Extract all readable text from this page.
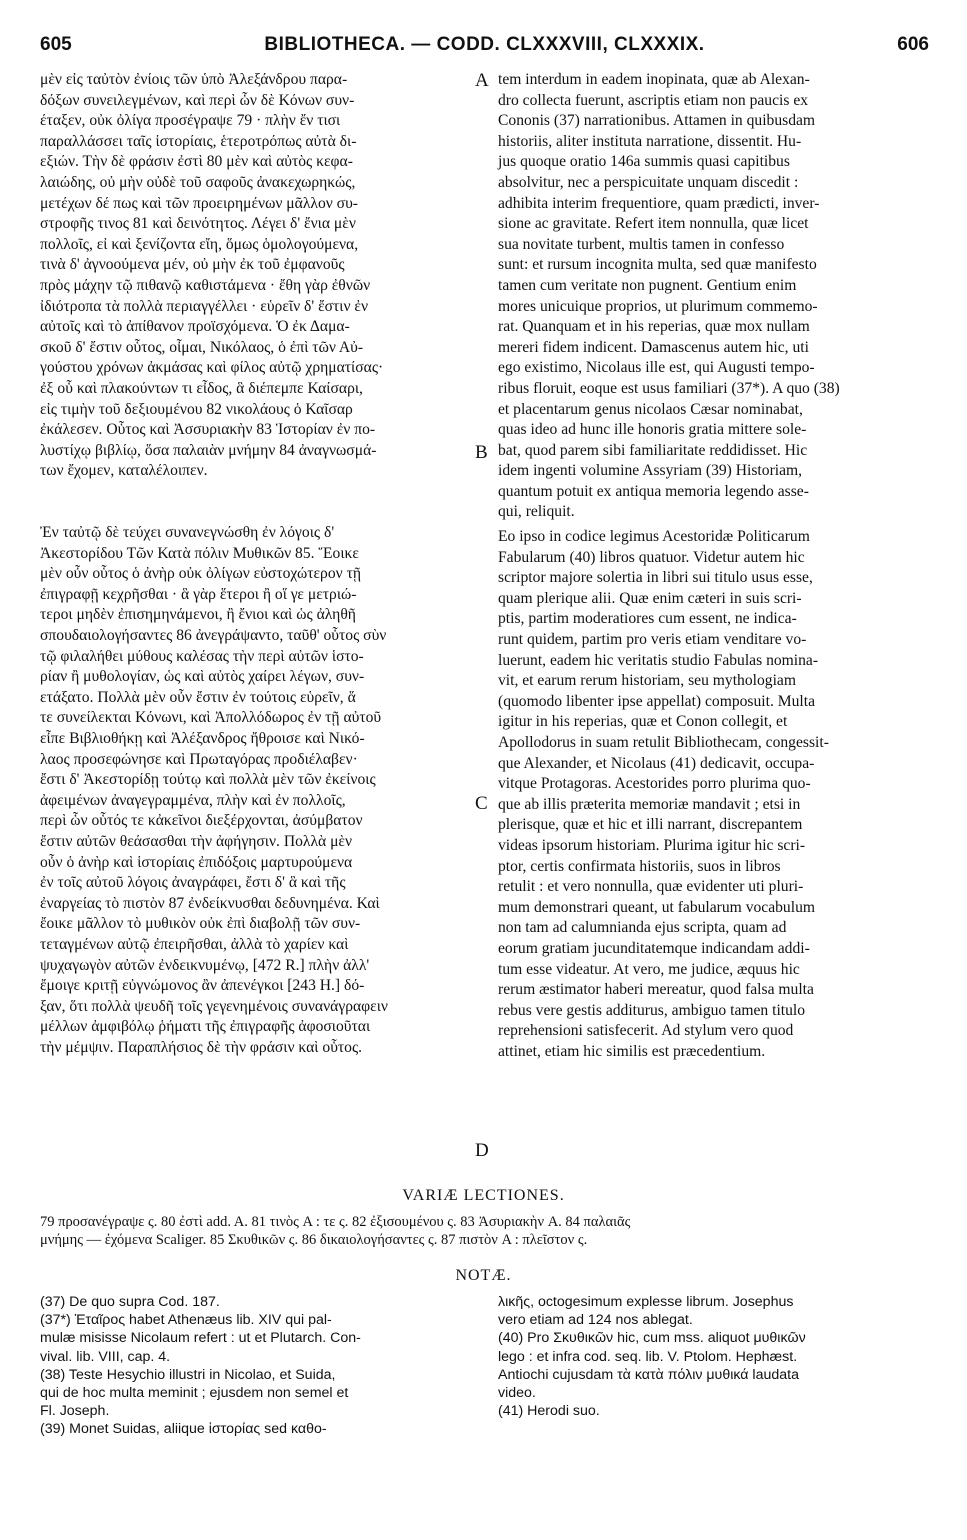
605	BIBLIOTHECA. — CODD. CLXXXVIII, CLXXXIX.	606
μὲν εἰς ταὐτὸν ἐνίοις τῶν ὑπὸ Ἀλεξάνδρου παρα-
δόξων συνειλεγμένων, καὶ περὶ ὧν δὲ Κόνων συν-
έταξεν, οὐκ ὀλίγα προσέγραψε 79 · πλὴν ἔν τισι
παραλλάσσει ταῖς ἱστορίαις, ἑτεροτρόπως αὐτὰ δι-
εξιών. Τὴν δὲ φράσιν ἐστὶ 80 μὲν καὶ αὐτὸς κεφα-
λαιώδης, οὐ μὴν οὐδὲ τοῦ σαφοῦς ἀνακεχωρηκώς,
μετέχων δέ πως καὶ τῶν προειρημένων μᾶλλον συ-
στροφῆς τινος 81 καὶ δεινότητος. Λέγει δ' ἔνια μὲν
πολλοῖς, εἰ καὶ ξενίζοντα εἴη, ὅμως ὁμολογούμενα,
τινὰ δ' ἀγνοούμενα μέν, οὐ μὴν ἐκ τοῦ ἐμφανοῦς
πρὸς μάχην τῷ πιθανῷ καθιστάμενα · ἔθη γὰρ ἐθνῶν
ἰδιότροπα τὰ πολλὰ περιαγγέλλει · εὑρεῖν δ' ἔστιν ἐν
αὐτοῖς καὶ τὸ ἀπίθανον προϊσχόμενα. Ὁ ἐκ Δαμα-
σκοῦ δ' ἔστιν οὗτος, οἶμαι, Νικόλαος, ὁ ἐπὶ τῶν Αὐ-
γούστου χρόνων ἀκμάσας καὶ φίλος αὐτῷ χρηματίσας·
ἐξ οὗ καὶ πλακούντων τι εἶδος, ἃ διέπεμπε Καίσαρι,
εἰς τιμὴν τοῦ δεξιουμένου 82 νικολάους ὁ Καῖσαρ
ἐκάλεσεν. Οὗτος καὶ Ἀσσυριακὴν 83 Ἱστορίαν ἐν πο-
λυστίχῳ βιβλίῳ, ὅσα παλαιὰν μνήμην 84 ἀναγνωσμά-
των ἔχομεν, καταλέλοιπεν.
Ἐν ταὐτῷ δὲ τεύχει συνανεγνώσθη ἐν λόγοις δ'
Ἀκεστορίδου Τῶν Κατὰ πόλιν Μυθικῶν 85. Ἔοικε
μὲν οὖν οὗτος ὁ ἀνὴρ οὐκ ὀλίγων εὐστοχώτερον τῇ
ἐπιγραφῇ κεχρῆσθαι · ἃ γὰρ ἕτεροι ἢ οἵ γε μετριώ-
τεροι μηδὲν ἐπισημηνάμενοι, ἢ ἔνιοι καὶ ὡς ἀληθῆ
σπουδαιολογήσαντες 86 ἀνεγράψαντο, ταῦθ' οὗτος σὺν
τῷ φιλαλήθει μύθους καλέσας τὴν περὶ αὐτῶν ἱστο-
ρίαν ἢ μυθολογίαν, ὡς καὶ αὐτὸς χαίρει λέγων, συν-
ετάξατο. Πολλὰ μὲν οὖν ἔστιν ἐν τούτοις εὑρεῖν, ἅ
τε συνείλεκται Κόνωνι, καὶ Ἀπολλόδωρος ἐν τῇ αὐτοῦ
εἶπε Βιβλιοθήκῃ καὶ Ἀλέξανδρος ἤθροισε καὶ Νικό-
λαος προσεφώνησε καὶ Πρωταγόρας προδιέλαβεν·
ἔστι δ' Ἀκεστορίδῃ τούτῳ καὶ πολλὰ μὲν τῶν ἐκείνοις
ἀφειμένων ἀναγεγραμμένα, πλὴν καὶ ἐν πολλοῖς,
περὶ ὧν οὗτός τε κἀκεῖνοι διεξέρχονται, ἀσύμβατον
ἔστιν αὐτῶν θεάσασθαι τὴν ἀφήγησιν. Πολλὰ μὲν
οὖν ὁ ἀνὴρ καὶ ἱστορίαις ἐπιδόξοις μαρτυρούμενα
ἐν τοῖς αὐτοῦ λόγοις ἀναγράφει, ἔστι δ' ἃ καὶ τῆς
ἐναργείας τὸ πιστὸν 87 ἐνδείκνυσθαι δεδυνημένα. Καὶ
ἔοικε μᾶλλον τὸ μυθικὸν οὐκ ἐπὶ διαβολῇ τῶν συν-
τεταγμένων αὐτῷ ἐπειρῆσθαι, ἀλλὰ τὸ χαρίεν καὶ
ψυχαγωγὸν αὐτῶν ἐνδεικνυμένῳ, [472 R.] πλὴν ἀλλ'
ἔμοιγε κριτῇ εὐγνώμονος ἂν ἀπενέγκοι [243 H.] δό-
ξαν, ὅτι πολλὰ ψευδῆ τοῖς γεγενημένοις συνανάγραφειν
μέλλων ἀμφιβόλῳ ῥήματι τῆς ἐπιγραφῆς ἀφοσιοῦται
τὴν μέμψιν. Παραπλήσιος δὲ τὴν φράσιν καὶ οὗτος.
tem interdum in eadem inopinata, quæ ab Alexan-
dro collecta fuerunt, ascriptis etiam non paucis ex
Cononis (37) narrationibus. Attamen in quibusdam
historiis, aliter instituta narratione, dissentit. Hu-
jus quoque oratio 146a summis quasi capitibus
absolvitur, nec a perspicuitate unquam discedit :
adhibita interim frequentiore, quam prædicti, inver-
sione ac gravitate. Refert item nonnulla, quæ licet
sua novitate turbent, multis tamen in confesso
sunt: et rursum incognita multa, sed quæ manifesto
tamen cum veritate non pugnent. Gentium enim
mores unicuique proprios, ut plurimum commemo-
rat. Quanquam et in his reperias, quæ mox nullam
mereri fidem indicent. Damascenus autem hic, uti
ego existimo, Nicolaus ille est, qui Augusti tempo-
ribus floruit, eoque est usus familiari (37*). A quo (38)
et placentarum genus nicolaos Cæsar nominabat,
quas ideo ad hunc ille honoris gratia mittere sole-
bat, quod parem sibi familiaritate reddidisset. Hic
idem ingenti volumine Assyriam (39) Historiam,
quantum potuit ex antiqua memoria legendo asse-
qui, reliquit.
Eo ipso in codice legimus Acestoridæ Politicarum
Fabularum (40) libros quatuor. Videtur autem hic
scriptor majore solertia in libri sui titulo usus esse,
quam plerique alii. Quæ enim cæteri in suis scri-
ptis, partim moderatiores cum essent, ne indica-
runt quidem, partim pro veris etiam venditare vo-
luerunt, eadem hic veritatis studio Fabulas nomina-
vit, et earum rerum historiam, seu mythologiam
(quomodo libenter ipse appellat) composuit. Multa
igitur in his reperias, quæ et Conon collegit, et
Apollodorus in suam retulit Bibliothecam, congessit-
que Alexander, et Nicolaus (41) dedicavit, occupa-
vitque Protagoras. Acestorides porro plurima quo-
que ab illis præterita memoriæ mandavit ; etsi in
plerisque, quæ et hic et illi narrant, discrepantem
videas ipsorum historiam. Plurima igitur hic scri-
ptor, certis confirmata historiis, suos in libros
retulit : et vero nonnulla, quæ evidenter uti pluri-
mum demonstrari queant, ut fabularum vocabulum
non tam ad calumnianda ejus scripta, quam ad
eorum gratiam jucunditatemque indicandam addi-
tum esse videatur. At vero, me judice, æquus hic
rerum æstimator haberi mereatur, quod falsa multa
rebus vere gestis additurus, ambiguo tamen titulo
reprehensioni satisfecerit. Ad stylum vero quod
attinet, etiam hic similis est præcedentium.
A
B
C
D
VARIÆ LECTIONES.
79 προσανέγραψε ς. 80 ἐστὶ add. A. 81 τινὸς A : τε ς. 82 ἐξισουμένου ς. 83 Ἀσυριακὴν A. 84 παλαιᾶς
μνήμης — ἐχόμενα Scaliger. 85 Σκυθικῶν ς. 86 δικαιολογήσαντες ς. 87 πιστὸν A : πλεῖστον ς.
NOTÆ.
(37) De quo supra Cod. 187.
(37*) Ἑταῖρος habet Athenæus lib. XIV qui pal-
mulæ misisse Nicolaum refert : ut et Plutarch. Con-
vival. lib. VIII, cap. 4.
(38) Teste Hesychio illustri in Nicolao, et Suida,
qui de hoc multa meminit ; ejusdem non semel et
Fl. Joseph.
(39) Monet Suidas, aliique ἱστορίας sed καθο-
λικῆς, octogesimum explesse librum. Josephus
vero etiam ad 124 nos ablegat.
(40) Pro Σκυθικῶν hic, cum mss. aliquot μυθικῶν
lego : et infra cod. seq. lib. V. Ptolom. Hephæst.
Antiochi cujusdam τὰ κατὰ πόλιν μυθικά laudata
video.
(41) Herodi suo.
